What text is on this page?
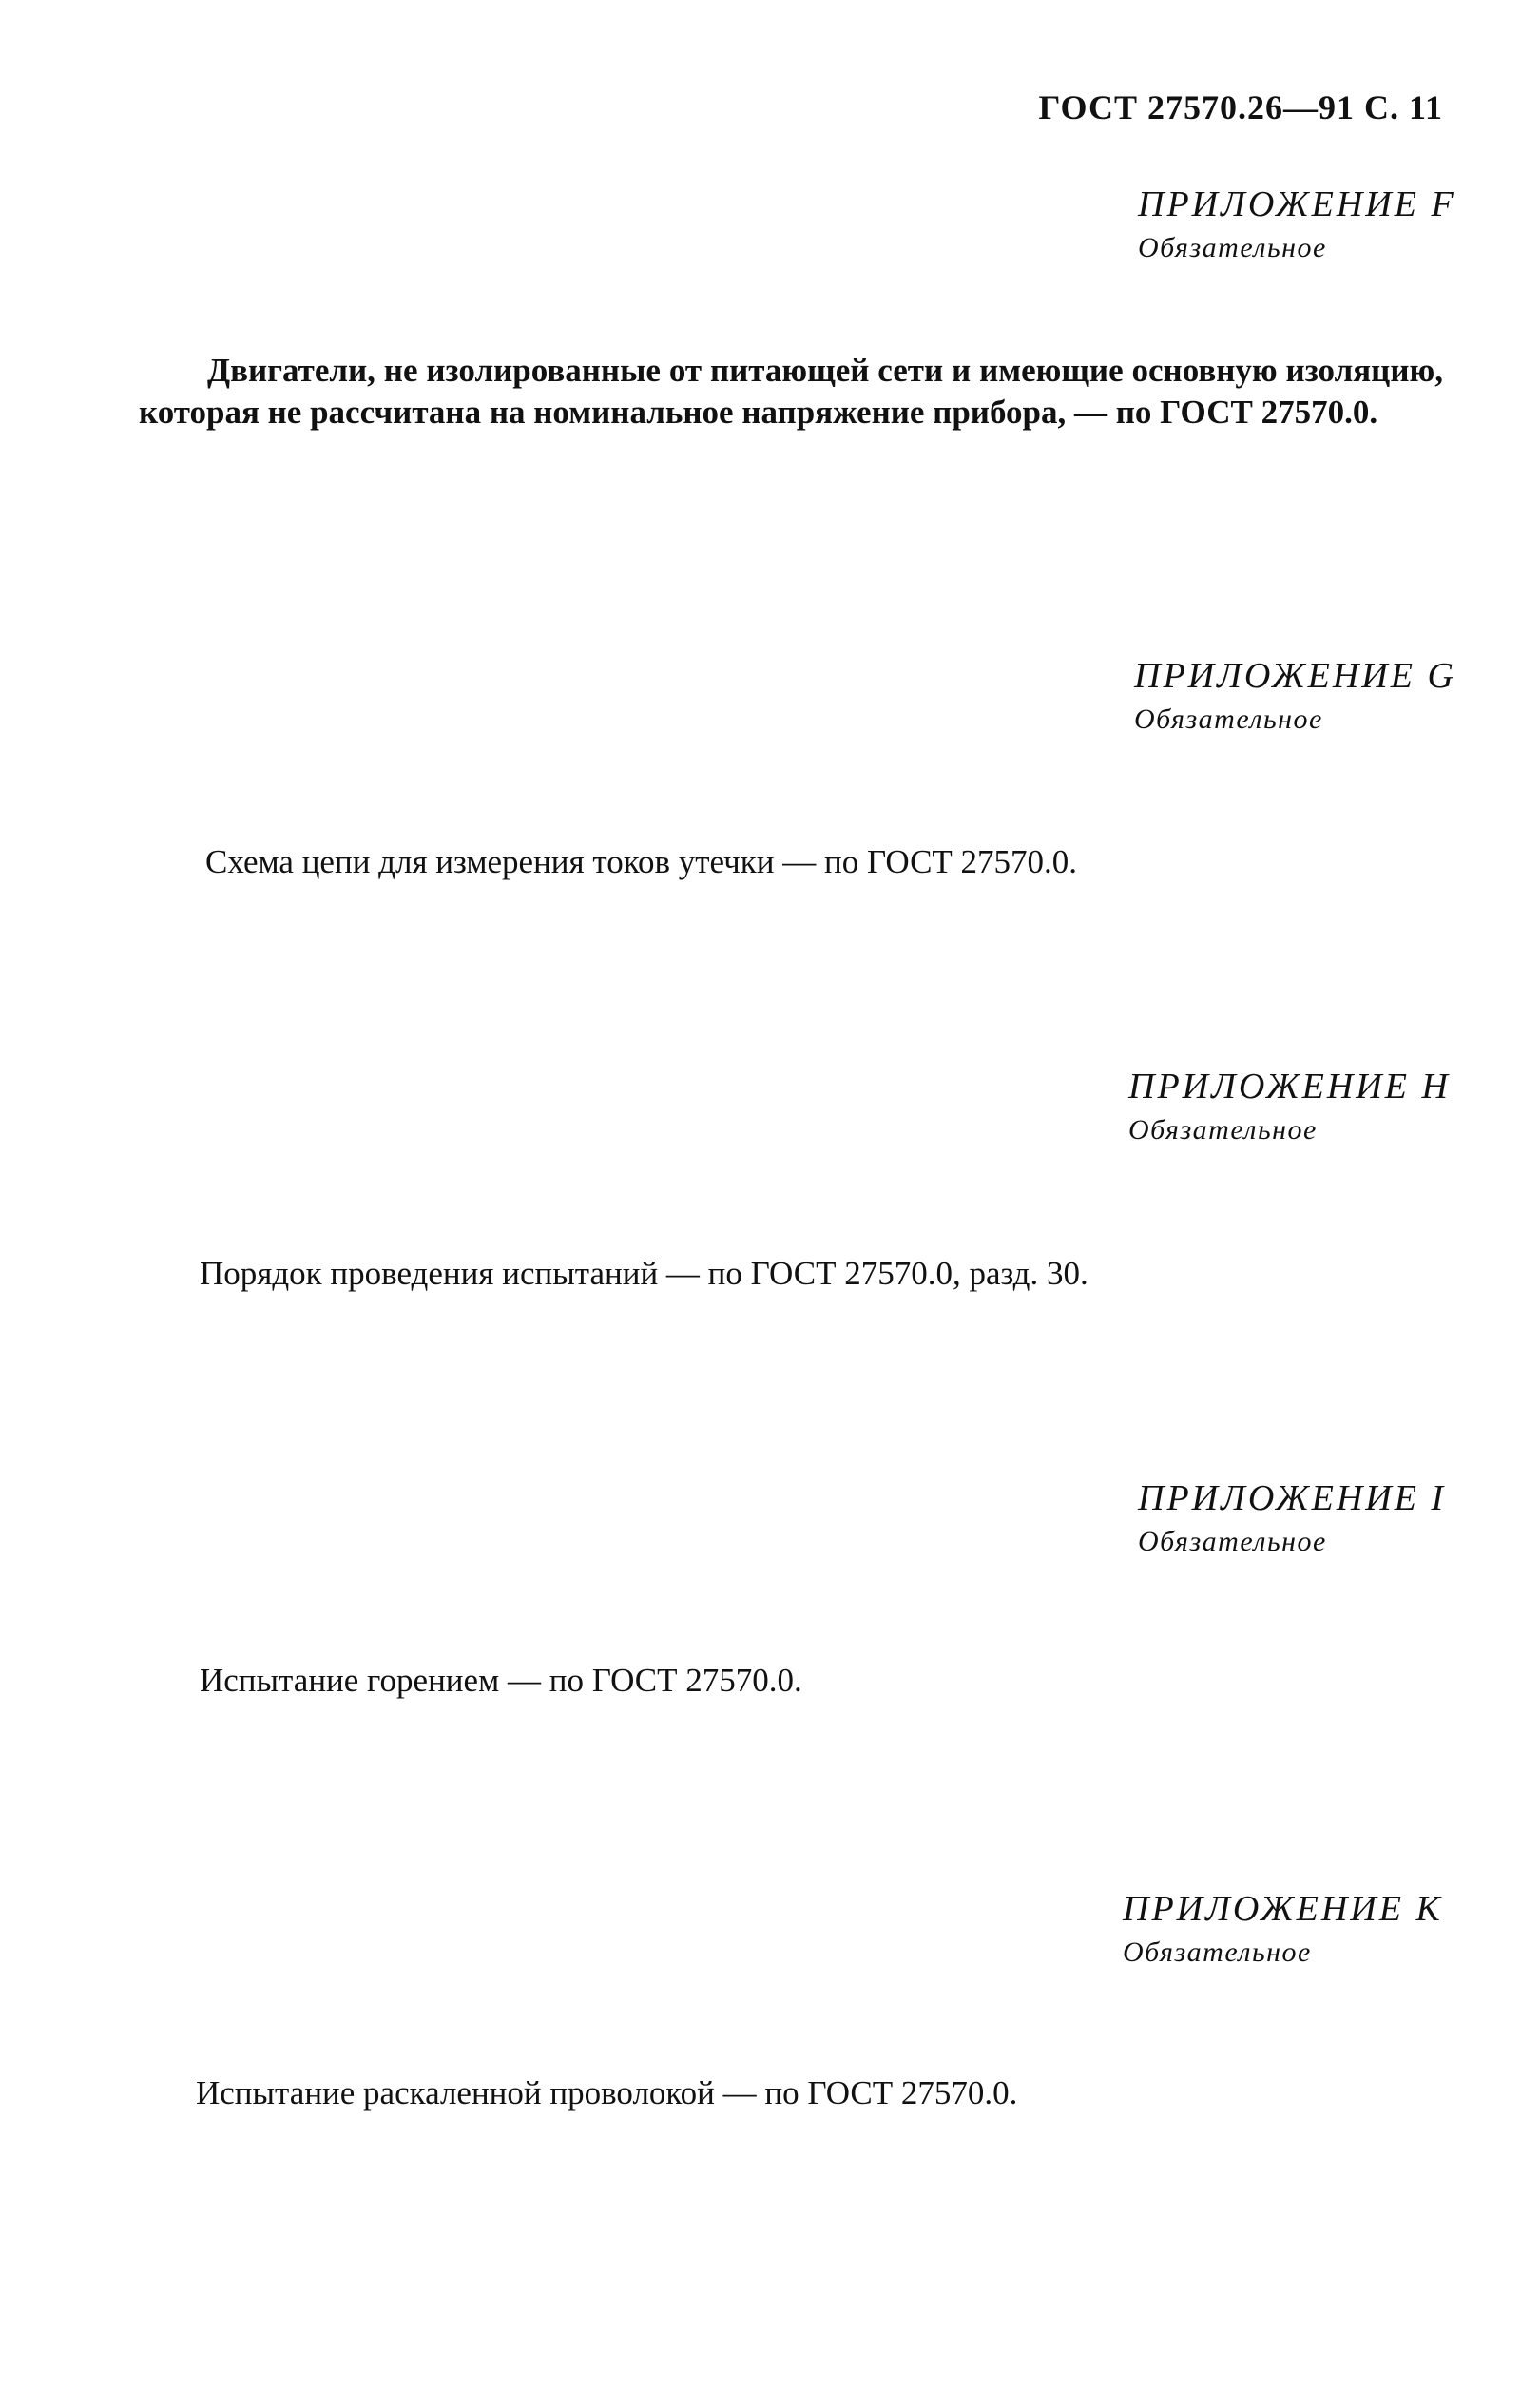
ГОСТ 27570.26—91 С. 11
ПРИЛОЖЕНИЕ F
Обязательное

Двигатели, не изолированные от питающей сети и имеющие основную изоляцию, которая не рассчитана на номинальное напряжение прибора, — по ГОСТ 27570.0.

ПРИЛОЖЕНИЕ G
Обязательное

Схема цепи для измерения токов утечки — по ГОСТ 27570.0.

ПРИЛОЖЕНИЕ H
Обязательное

Порядок проведения испытаний — по ГОСТ 27570.0, разд. 30.

ПРИЛОЖЕНИЕ I
Обязательное

Испытание горением — по ГОСТ 27570.0.

ПРИЛОЖЕНИЕ K
Обязательное

Испытание раскаленной проволокой — по ГОСТ 27570.0.
